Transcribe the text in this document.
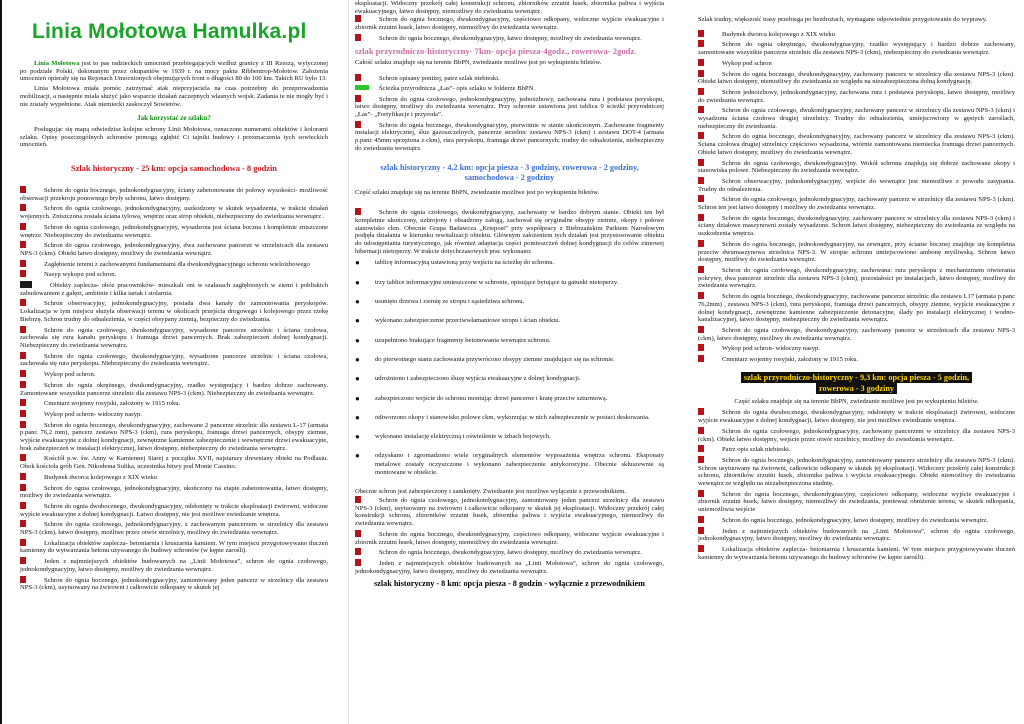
Linia Mołotowa Hamulka.pl

Linia Mołotowa jest to pas radzieckich umocnień przebiegających wzdłuż granicy z III Rzeszą, wytyczonej po podziale Polski, dokonanym przez okupantów w 1939 r. na mocy paktu Ribbentrop-Mołotow. Założenia umocnień opierały się na Rejonach Umocnionych obejmujących front o długości 80 do 100 km. Takich RU było 13.

Linia Mołotowa miała pomóc zatrzymać atak nieprzyjaciela na czas potrzebny do przeprowadzenia mobilizacji, a następnie miała służyć jako wsparcie działań zaczepnych własnych wojsk. Zadania te nie mogły być i nie zostały wypełnione. Atak niemiecki zaskoczył Sowietów.

Jak korzystać ze szlaku?

Posługując się mapą odwiedzisz kolejne schrony Linii Mołotowa, oznaczone numerami obiektów i kolorami szlaku. Opisy poszczególnych schronów pomogą zgłębić Ci tajniki budowy i przeznaczenia tych sowieckich umocnień.

Szlak historyczny - 25 km: opcja samochodowa - 8 godzin
Schron do ognia bocznego, jednokondygnacyjny, ściany zabetonowane do połowy wysokości- możliwość obserwacji przekroju ponownego bryły schronu, łatwo dostępny.
Schron do ognia czołowego, jednokondygnacyjny, uszkodzony w skutek wysadzenia, w trakcie działań wojennych. Zniszczona została ściana tylowa, wnętrze oraz strop obiektu, niebezpieczny do zwiedzania wewnątrz .
Schron do ognia czołowego, jednokondygnacyjny, wysadzona jest ściana boczna i kompletnie zniszczone wnętrze. Niebezpieczny do zwiedzania wewnątrz.
Schron do ognia czołowego, jednokondygnacyjny, dwa zachowane pancerze w strzelnicach dla zestawu NPS-3 (ckm). Obiekt łatwo dostępny, możliwy do zwiedzania wewnątrz.
Zagłębienie terenu z zachowanymi fundamentami dla dwukondygnacyjnego schronu wieloizbowego
Nasyp wykopu pod schron.
Obiekty zaplecza- obóz pracowników- mieszkali oni w szałasach zagłębionych w ziemi i pobliskich zabudowaniem z gałęzi, ambitnie i kilka tartak i stolarnia.
Schron obserwacyjny, jednokondygnacyjny, posiada dwa kanały do zamontowania peryskopów. Lokalizacja w tym miejscu służyła obserwacji terenu w okolicach przejścia drogowego i kolejowego przez rzekę Biebrzę. Schron trudny do odnalezienia, w części obsypany ziemią, bezpieczny do zwiedzania.
Schron do ognia czołowego, dwukondygnacyjny, wysadzone pancerze strzelnic i ściana czołowa, zachowała się rura kanału peryskopu i framuga drzwi pancernych. Brak zabezpieczeń dolnej kondygnacji. Niebezpieczny do zwiedzania wewnątrz.
Schron do ognia czołowego, dwukondygnacyjny, wysadzone pancerze strzelnic i ściana czołowa, zachowała się rura peryskopu. Niebezpieczny do zwiedzania wewnątrz.
Wykop pod schron.
Schron do ognia okrężnego, dwukondygnacyjny, rzadko występujący i bardzo dobrze zachowany. Zamontowane wszystkie pancerze strzelnic dla zestawu NPS-3 (ckm). Niebezpieczny do zwiedzania wewnątrz.
Cmentarz wojenny rosyjski, założony w 1915 roku.
Wykop pod schron- widoczny nasyp.
Schron do ognia bocznego, dwukondygnacyjny, zachowane 2 pancerze strzelnic dla zestawu L-17 (armata p.panc 76,2 mm), pancerz zestawu NPS-3 (ckm), rura peryskopu, framuga drzwi pancernych, obsypy ziemne, wyjście ewakuacyjne z dolnej kondygnacji, zewnętrzne kamienne zabezpieczenie i wewnętrzne drzwi ewakuacyjne, brak zabezpieczeń w instalacji elektrycznej, łatwo dostępny, niebezpieczny do zwiedzania wewnątrz.
Kościół p.w. św. Anny w Kamiennej Starej z początku XVII, najstarszy drewniany obiekt na Podlasiu. Obok kościoła grób Gen. Nikodema Sulika, uczestnika bitwy pod Monte Cassino.
Budynek dworca kolejowego z XIX wieku
Schron do ognia czołowego, jednokondygnacyjny, ukończony na etapie zabetonowania, łatwo dostępny, możliwy do zwiedzania wewnątrz.
Schron do ognia dwubocznego, dwukondygnacyjny, odsłonięty w trakcie eksploatacji żwirowni, widoczne wyjście ewakuacyjne z dolnej kondygnacji. Łatwo dostępny, nie jest możliwe zwiedzanie wnętrza.
Schron do ognia czołowego, jednokondygnacyjny, z zachowanym pancerzem w strzelnicy dla zestawu NPS-3 (ckm), łatwo dostępny, możliwe przez otwór strzelnicy, możliwy do zwiedzania wewnątrz.
Lokalizacja obiektów zaplecza- betoniarnia i kruszarnia kamieni. W tym miejscu przygotowywano tłuczeń kamienny do wytwarzania betonu używanego do budowy schronów (w kępie zarośli).
Jeden z najmniejszych obiektów budowanych na „Linii Mołotowa”, schron do ognia czołowego, jednokondygnacyjny, łatwo dostępny, możliwy do zwiedzania wewnątrz.
Schron do ognia bocznego, jednokondygnacyjny, zamontowany jeden pancerz w strzelnicy dla zestawu NPS-3 (ckm), usytuowany na żwirowni i całkowicie odkopany w skutek jej

eksploatacji. Widoczny przekrój całej konstrukcji schronu, zbiorników zrzutni łusek, zbiornika paliwa i wyjścia ewakuacyjnego, łatwo dostępny, niemożliwy do zwiedzania wewnątrz.

Schron do ognia bocznego, dwukondygnacyjny, częściowo odkopany, widoczne wyjście ewakuacyjne i zbiornik zrzutni łusek, łatwo dostępny, niemożliwy do zwiedzania wewnątrz.
Schron do ognia bocznego, dwukondygnacyjny, łatwo dostępny, możliwy do zwiedzania wewnątrz.
szlak przyrodniczo-historyczny- 7km- opcja piesza-4godz., rowerowa- 2godz.

Całość szlaku znajduje się na terenie BbPN, zwiedzanie możliwe jest po wykupieniu biletów.

Schron opisany poniżej, patrz szlak niebieski.
Ścieżka przyrodnicza „Łas”- opis szlaku w folderze BbPN.
Schron do ognia czołowego, jednokondygnacyjny, jednoizbowy, zachowana rura i podstawa peryskopu, łatwo dostępny, możliwy do zwiedzania wewnątrz. Przy schronie ustawiona jest tablica 9 ścieżki przyrodniczej „Łas”- „Fortyfikacje i przyroda”.
Schron do ognia bocznego, dwukondygnacyjny, pierwotnie w stanie ukończonym. Zachowane fragmenty instalacji elektrycznej, śluz gazoszczelnych, pancerze strzelnic zestawu NPS-3 (ckm) i zestawu DOT-4 (armata p.panc 45mm sprzężona z ckm), rura peryskopu, framuga drzwi pancernych; trudny do odnalezienia, niebezpieczny do zwiedzania wewnątrz.
szlak historyczny - 4,2 km: opcja piesza - 3 godziny, rowerowa - 2 godziny, samochodowa - 2 godziny

Część szlaku znajduje się na terenie BbPN, zwiedzanie możliwe jest po wykupieniu biletów.

Schron do ognia czołowego, dwukondygnacyjny, zachowany w bardzo dobrym stanie. Obiekt ten był kompletnie ukończony, uzbrojony i obsadzony załogą, zachował się oryginalne obsypy ziemne, okopy i połowe stanowisko ckm. Obecnie Grupa Badawcza „Kriepost” przy współpracy z Biebrzańskim Parkiem Narodowym podjęła działania w kierunku rewitalizacji obiektu. Głównym założeniem tych działań jest przystosowanie obiektu do udostępniania turystycznego, jak również adaptacja części pomieszczeń dolnej kondygnacji do celów zimowej hibernacji nietoperzy. W trakcie dotychczasowych prac wykonano:
● tablicę informacyjną ustawioną przy wejściu na ścieżkę do schronu.
● trzy tablice informacyjne umieszczone w schronie, opisujące bytujące tu gatunki nietoperzy.
● usunięto drzewa i ziemię ze stropu i sąsiedztwa schronu.
● wykonano zabezpieczenie przeciwwłamaniowe stropu i ścian obiektu.
● uzupełniono brakujące fragmenty betonowania wewnątrz schronu.
● do pierwotnego stanu zachowania przywrócono obsypy ziemne znajdujące się na schronie.
● udrożniono i zabezpieczono śluzę wyjścia ewakuacyjne z dolnej kondygnacji.
● zabezpieczono wejście do schronu montując drzwi pancerne i kratę przeciw szturmową.
● odtworzono okopy i stanowisko polowe ckm, wykorzując w nich zabezpieczenie w postaci deskowania.
● wykonano instalację elektryczną i oświetlenie w izbach bojowych.
● odzyskano i zgromadzono wiele oryginalnych elementów wyposażenia wnętrza schronu. Eksponaty metalowe zostały oczyszczone i wykonano zabezpieczenie antykorozyjne. Obecnie skłuszewnie są montowane w obiekcie.

Obecnie schron jest zabezpieczony i zamknięty. Zwiedzanie jest możliwe wyłącznie z przewodnikiem.

Schron do ognia czołowego, jednokondygnacyjny, zamontowany jeden pancerz strzelnicy dla zestawu NPS-3 (ckm), usytuowany na żwirowni i całkowicie odkopany w skutek jej eksploatacji. Widoczny przekrój całej konstrukcji schronu, zbiorników zrzutni łusek, zbiornika paliwa i wyjścia ewakuacyjnego, niemożliwy do zwiedzania wewnątrz.
Schron do ognia bocznego, dwukondygnacyjny, częściowo odkopany, widoczne wyjście ewakuacyjne i zbiornik zrzutni łusek, łatwo dostępny, niemożliwy do zwiedzania wewnątrz.
Schron do ognia bocznego, dwukondygnacyjny, łatwo dostępny, możliwy do zwiedzania wewnątrz.
Jeden z najmniejszych obiektów budowanych na „Linii Mołotowa”, schron do ognia czołowego, jednokondygnacyjny, łatwo dostępny, możliwy do zwiedzania wewnątrz.
szlak historyczny - 8 km: opcja piesza - 8 godzin - wyłącznie z przewodnikiem

Szlak trudny, większość trasy przebiega po bezdrożach, wymagane odpowiednie przygotowanie do wyprawy.

Budynek dworca kolejowego z XIX wieku
Schron do ognia okrężnego, dwukondygnacyjny, rzadko występujący i bardzo dobrze zachowany, zamontowane wszystkie pancerze strzelnic dla zestawu NPS-3 (ckm), niebezpieczny do zwiedzania wewnątrz.
Wykop pod schron
Schron do ognia bocznego, dwukondygnacyjny, zachowany pancerz w strzelnicy dla zestawu NPS-3 (ckm). Obiekt łatwo dostępny, niemożliwy do zwiedzania ze względu na niezabezpieczona dolną kondygnację.
Schron jednoizbowy, jednokondygnacyjny, zachowana rura i podstawa peryskopu, łatwo dostępny, możliwy do zwiedzania wewnątrz.
Schron do ognia czołowego, dwukondygnacyjny, zachowany pancerz w strzelnicy dla zestawu NPS-3 (ckm) i wysadzona ściana czołowa drugiej strzelnicy. Trudny do odnalezienia, umiejscowiony w gęstych zaroślach, niebezpieczny do zwiedzania.
Schron do ognia bocznego, dwukondygnacyjny, zachowany pancerz w strzelnicy dla zestawu NPS-3 (ckm). Ściana czołowa drugiej strzelnicy częściowo wysadzona, wtórnie zamontowana niemiecka framuga drzwi pancernych. Obiekt łatwo dostępny, możliwy do zwiedzania wewnątrz.
Schron do ognia czołowego, dwukondygnacyjny. Wokół schronu znajdują się dobrze zachowane okopy i stanowiska polowe. Niebezpieczny do zwiedzania wewnątrz.
Schron obserwacyjny, jednokondygnacyjny, wejście do wewnątrz jest niemożliwe z powodu zasypania. Trudny do odnalezienia.
Schron do ognia czołowego, jednokondygnacyjny, zachowany pancerz w strzelnicy dla zestawu NPS-3 (ckm). Schron ten jest łatwo dostępny i możliwy do zwiedzania wewnątrz.
Schron do ognia bocznego, dwukondygnacyjny, zachowany pancerz w strzelnicy dla zestawu NPS-3 (ckm) i ściany działowe maszynowni zostały wysadzone. Schron łatwo dostępny, niebezpieczny do zwiedzania ze względu na uszkodzenia wnętrza.
Schron do ognia bocznego, jednokondygnacyjny, na zewnątrz, przy ścianie bocznej znajduje się kompletna przeciw dwumaszynowa strzelnica NPS-3. W stropie schronu umiejscowiono ambonę myśliwską. Schron łatwo dostępny, możliwy do zwiedzania wewnątrz.
Schron do ognia czołowego, dwukondygnacyjny, zachowana: rura peryskopu z mechanizmem otwierania pokrywy, dwa pancerze strzelnic dla zestawu NPS-3 (ckm), pozostałości po instalacjach, łatwo dostępny, możliwy do zwiedzania wewnątrz.
Schron do ognia bocznego, dwukondygnacyjny, zachowane pancerze strzelnic dla zestawu L17 (armata p.panc 76,2mm) , zestawu NPS-3 (ckm), rura peryskopu, framuga drzwi pancernych, obsypy ziemne, wyjście ewakuacyjne z dolnej kondygnacji, zewnętrzne kamienne zabezpieczenie detonacyjne, ślady po instalacji elektrycznej i wodno- kanalizacyjnej, łatwo dostępny, niebezpieczny do zwiedzania wewnątrz.
Schron do ognia czołowego, dwukondygnacyjny, zachowany pancerz w strzelnicach dla zestawu NPS-3 (ckm), łatwo dostępny, możliwy do zwiedzania wewnątrz.
Wykop pod schron- widoczny nasyp.
Cmentarz wojenny rosyjski, założony w 1915 roku.
szlak przyrodniczo-historyczny - 9,3 km: opcja piesza - 5 godzin,
rowerowa - 3 godziny

Część szlaku znajduje się na terenie BbPN, zwiedzanie możliwe jest po wykupieniu biletów.

Schron do ognia dwubocznego, dwukondygnacyjny, odsłonięty w trakcie eksploatacji żwirowni, widoczne wyjście ewakuacyjne z dolnej kondygnacji, łatwo dostępny, nie jest możliwe zwiedzanie wnętrza.
Schron do ognia czołowego, jednokondygnacyjny, zachowany pancerzem w strzelnicy dla zestawu NPS-3 (ckm). Obiekt łatwo dostępny, wejście przez otwór strzelnicy, możliwy do zwiedzania wewnątrz.
Patrz opis szlak niebieski.
Schron do ognia bocznego, jednokondygnacyjny, zamontowany pancerz strzelnicy dla zestawu NPS-3 (ckm). Schron usytuowany na żwirowni, całkowicie odkopany w skutek jej eksploatacji. Widoczny przekrój całej konstrukcji schronu, zbiorników zrzutni łusek, zbiornika paliwa i wyjścia ewakuacyjnego. Obiekt niemożliwy do zwiedzania wewnątrz ze względu na niezabezpieczona studnię.
Schron do ognia bocznego, dwukondygnacyjny, częściowo odkopany, widoczne wyjście ewakuacyjne i zbiornik zrzutni łusek, łatwo dostępny, niemożliwy do zwiedzania, ponieważ obniżenie terenu, w skutek odkopania, uniemożliwia wejście
Schron do ognia bocznego, jednokondygnacyjny, łatwo dostępny, możliwy do zwiedzania wewnątrz.
Jeden z najmniejszych obiektów budowanych na „Linii Mołotowa”, schron do ognia czołowego, jednokondygnacyjny, łatwo dostępny, możliwy do zwiedzania wewnątrz.
Lokalizacja obiektów zaplecza- betoniarnia i kruszarnia kamieni. W tym miejscu przygotowywano tłuczeń kamienny do wytwarzania betonu używanego do budowy schronów (w kępie zarośli).
